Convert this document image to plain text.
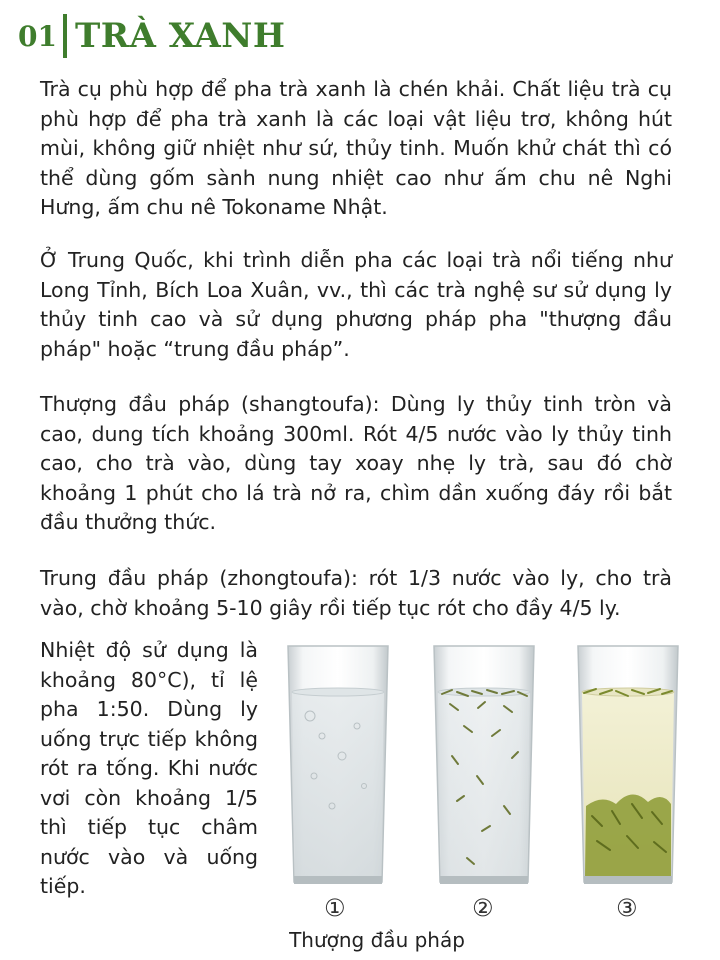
01 TRÀ XANH

Trà cụ phù hợp để pha trà xanh là chén khải. Chất liệu trà cụ phù hợp để pha trà xanh là các loại vật liệu trơ, không hút mùi, không giữ nhiệt như sứ, thủy tinh. Muốn khử chát thì có thể dùng gốm sành nung nhiệt cao như ấm chu nê Nghi Hưng, ấm chu nê Tokoname Nhật.

Ở Trung Quốc, khi trình diễn pha các loại trà nổi tiếng như Long Tỉnh, Bích Loa Xuân, vv., thì các trà nghệ sư sử dụng ly thủy tinh cao và sử dụng phương pháp pha "thượng đầu pháp" hoặc “trung đầu pháp”.

Thượng đầu pháp (shangtoufa): Dùng ly thủy tinh tròn và cao, dung tích khoảng 300ml. Rót 4/5 nước vào ly thủy tinh cao, cho trà vào, dùng tay xoay nhẹ ly trà, sau đó chờ khoảng 1 phút cho lá trà nở ra, chìm dần xuống đáy rồi bắt đầu thưởng thức.

Trung đầu pháp (zhongtoufa): rót 1/3 nước vào ly, cho trà vào, chờ khoảng 5-10 giây rồi tiếp tục rót cho đầy 4/5 ly.

Nhiệt độ sử dụng là khoảng 80°C), tỉ lệ pha 1:50. Dùng ly uống trực tiếp không rót ra tống. Khi nước vơi còn khoảng 1/5 thì tiếp tục châm nước vào và uống tiếp.

①	②	③
Thượng đầu pháp
